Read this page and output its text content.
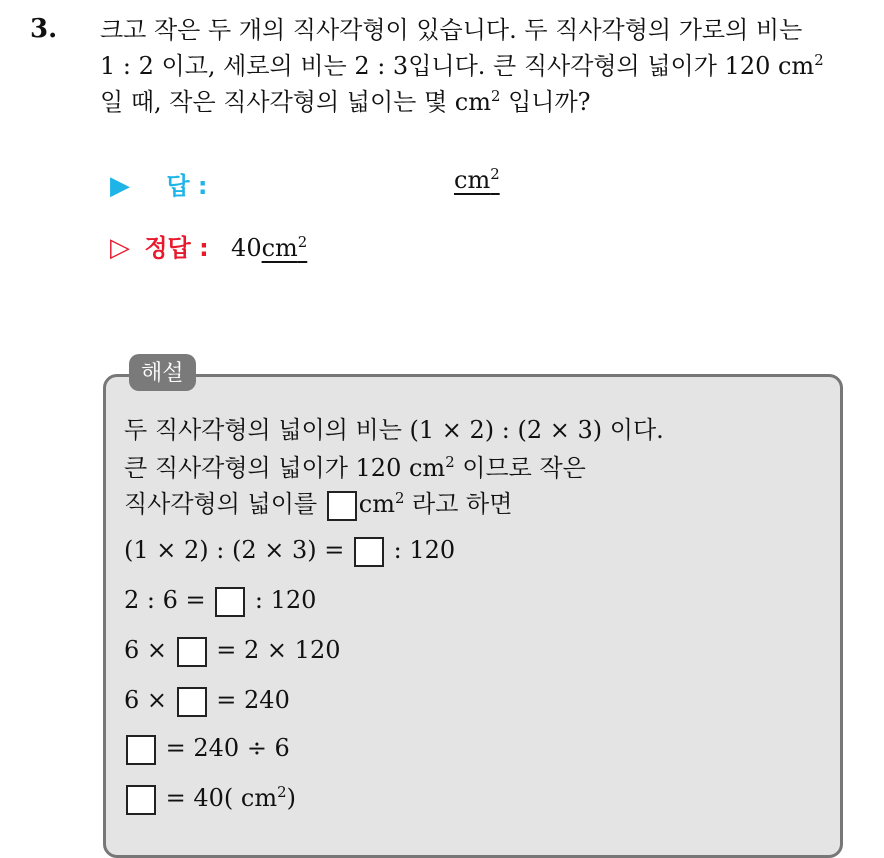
3. 크고 작은 두 개의 직사각형이 있습니다. 두 직사각형의 가로의 비는
1 : 2 이고, 세로의 비는 2 : 3입니다. 큰 직사각형의 넓이가 120 $cm^2$
일 때, 작은 직사각형의 넓이는 몇 $cm^2$ 입니까?
▶ 답 :	$cm^2$
▷ 정답 : $40cm^2$
해설
두 직사각형의 넓이의 비는 (1 × 2) : (2 × 3) 이다.
큰 직사각형의 넓이가 120 $cm^2$ 이므로 작은
직사각형의 넓이를 $cm^2$ 라고 하면
(1 × 2) : (2 × 3) = : 120
2 : 6 = : 120
6 × = 2 × 120
6 × = 240
= 240 ÷ 6
= 40( $cm^2$)
